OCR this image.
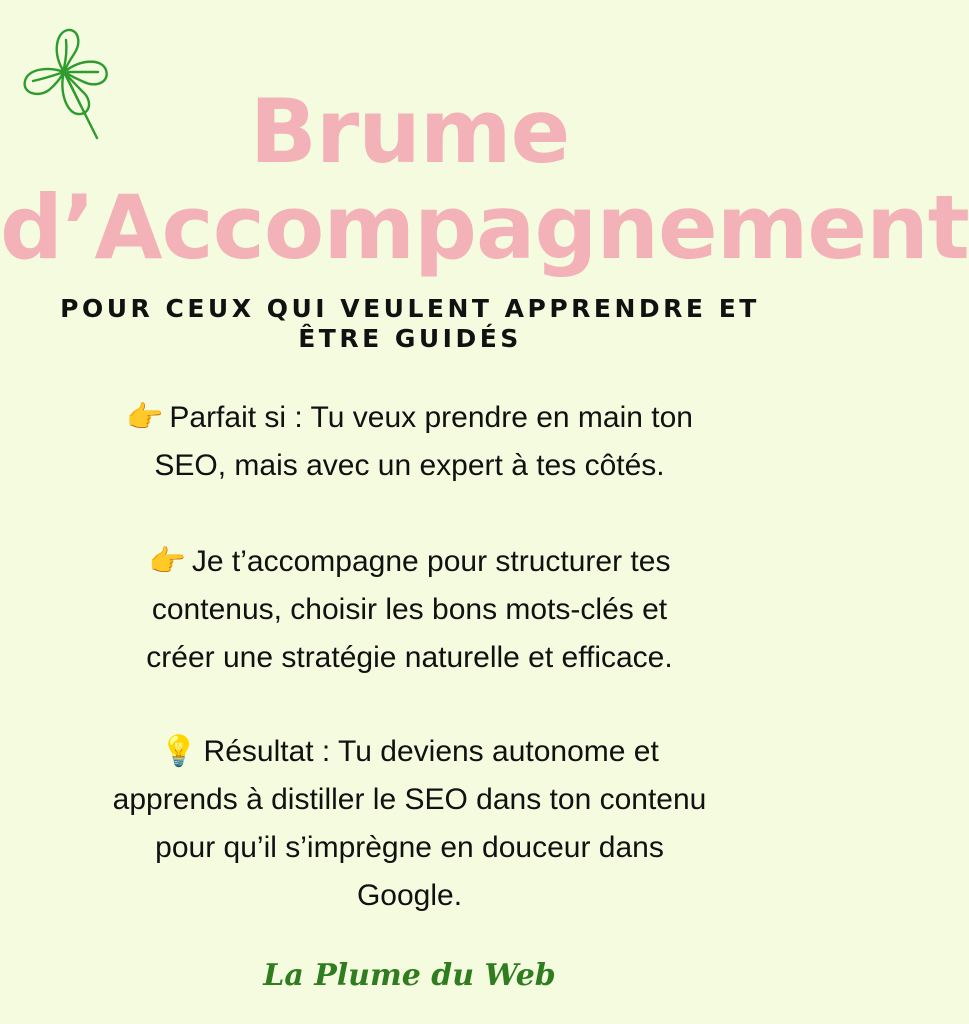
Brume
d’Accompagnement
POUR CEUX QUI VEULENT APPRENDRE ET
ÊTRE GUIDÉS
👉 Parfait si : Tu veux prendre en main ton
SEO, mais avec un expert à tes côtés.
👉 Je t’accompagne pour structurer tes
contenus, choisir les bons mots-clés et
créer une stratégie naturelle et efficace.
💡 Résultat : Tu deviens autonome et
apprends à distiller le SEO dans ton contenu
pour qu’il s’imprègne en douceur dans
Google.
La Plume du Web
